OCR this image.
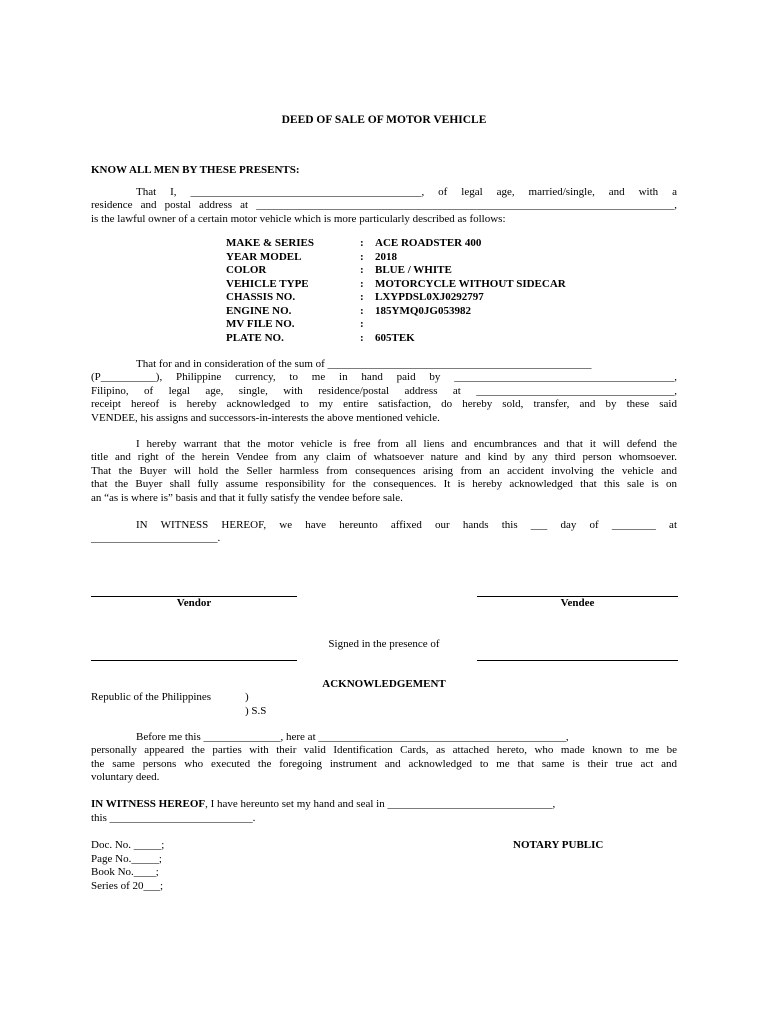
DEED OF SALE OF MOTOR VEHICLE
KNOW ALL MEN BY THESE PRESENTS:
That I, __________________________________________, of legal age, married/single, and with a
residence and postal address at ____________________________________________________________________________,
is the lawful owner of a certain motor vehicle which is more particularly described as follows:
MAKE & SERIES	: ACE ROADSTER 400
YEAR MODEL	: 2018
COLOR	: BLUE / WHITE
VEHICLE TYPE	: MOTORCYCLE WITHOUT SIDECAR
CHASSIS NO.	: LXYPDSL0XJ0292797
ENGINE NO.	: 185YMQ0JG053982
MV FILE NO.	:
PLATE NO.	: 605TEK
That for and in consideration of the sum of ________________________________________________
(P__________), Philippine currency, to me in hand paid by ________________________________________,
Filipino, of legal age, single, with residence/postal address at ____________________________________,
receipt hereof is hereby acknowledged to my entire satisfaction, do hereby sold, transfer, and by these said
VENDEE, his assigns and successors-in-interests the above mentioned vehicle.
I hereby warrant that the motor vehicle is free from all liens and encumbrances and that it will defend the
title and right of the herein Vendee from any claim of whatsoever nature and kind by any third person whomsoever.
That the Buyer will hold the Seller harmless from consequences arising from an accident involving the vehicle and
that the Buyer shall fully assume responsibility for the consequences. It is hereby acknowledged that this sale is on
an “as is where is” basis and that it fully satisfy the vendee before sale.
IN WITNESS HEREOF, we have hereunto affixed our hands this ___ day of ________ at
_______________________.
Vendor	Vendee
Signed in the presence of
ACKNOWLEDGEMENT
Republic of the Philippines	)
) S.S
Before me this ______________, here at _____________________________________________,
personally appeared the parties with their valid Identification Cards, as attached hereto, who made known to me be
the same persons who executed the foregoing instrument and acknowledged to me that same is their true act and
voluntary deed.
IN WITNESS HEREOF, I have hereunto set my hand and seal in ______________________________,
this __________________________.
Doc. No. _____;
Page No._____;
Book No.____;
Series of 20___;
NOTARY PUBLIC
